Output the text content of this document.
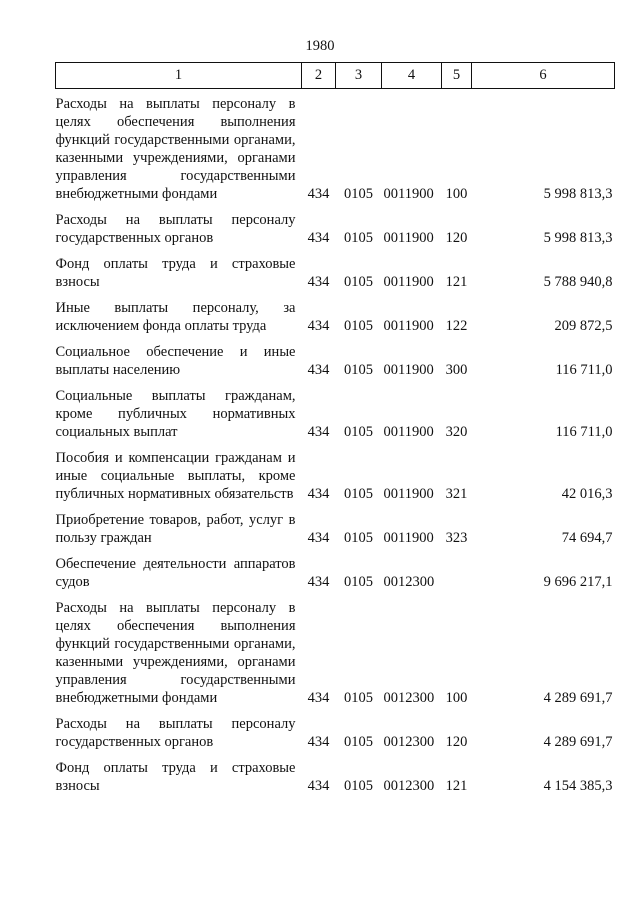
1980
1	2	3	4	5	6
Расходы на выплаты персоналу в целях обеспечения выполнения функций государственными органами, казенными учреждениями, органами управления государственными внебюджетными фондами	434	0105	0011900	100	5 998 813,3
Расходы на выплаты персоналу государственных органов	434	0105	0011900	120	5 998 813,3
Фонд оплаты труда и страховые взносы	434	0105	0011900	121	5 788 940,8
Иные выплаты персоналу, за исключением фонда оплаты труда	434	0105	0011900	122	209 872,5
Социальное обеспечение и иные выплаты населению	434	0105	0011900	300	116 711,0
Социальные выплаты гражданам, кроме публичных нормативных социальных выплат	434	0105	0011900	320	116 711,0
Пособия и компенсации гражданам и иные социальные выплаты, кроме публичных нормативных обязательств	434	0105	0011900	321	42 016,3
Приобретение товаров, работ, услуг в пользу граждан	434	0105	0011900	323	74 694,7
Обеспечение деятельности аппаратов судов	434	0105	0012300		9 696 217,1
Расходы на выплаты персоналу в целях обеспечения выполнения функций государственными органами, казенными учреждениями, органами управления государственными внебюджетными фондами	434	0105	0012300	100	4 289 691,7
Расходы на выплаты персоналу государственных органов	434	0105	0012300	120	4 289 691,7
Фонд оплаты труда и страховые взносы	434	0105	0012300	121	4 154 385,3
